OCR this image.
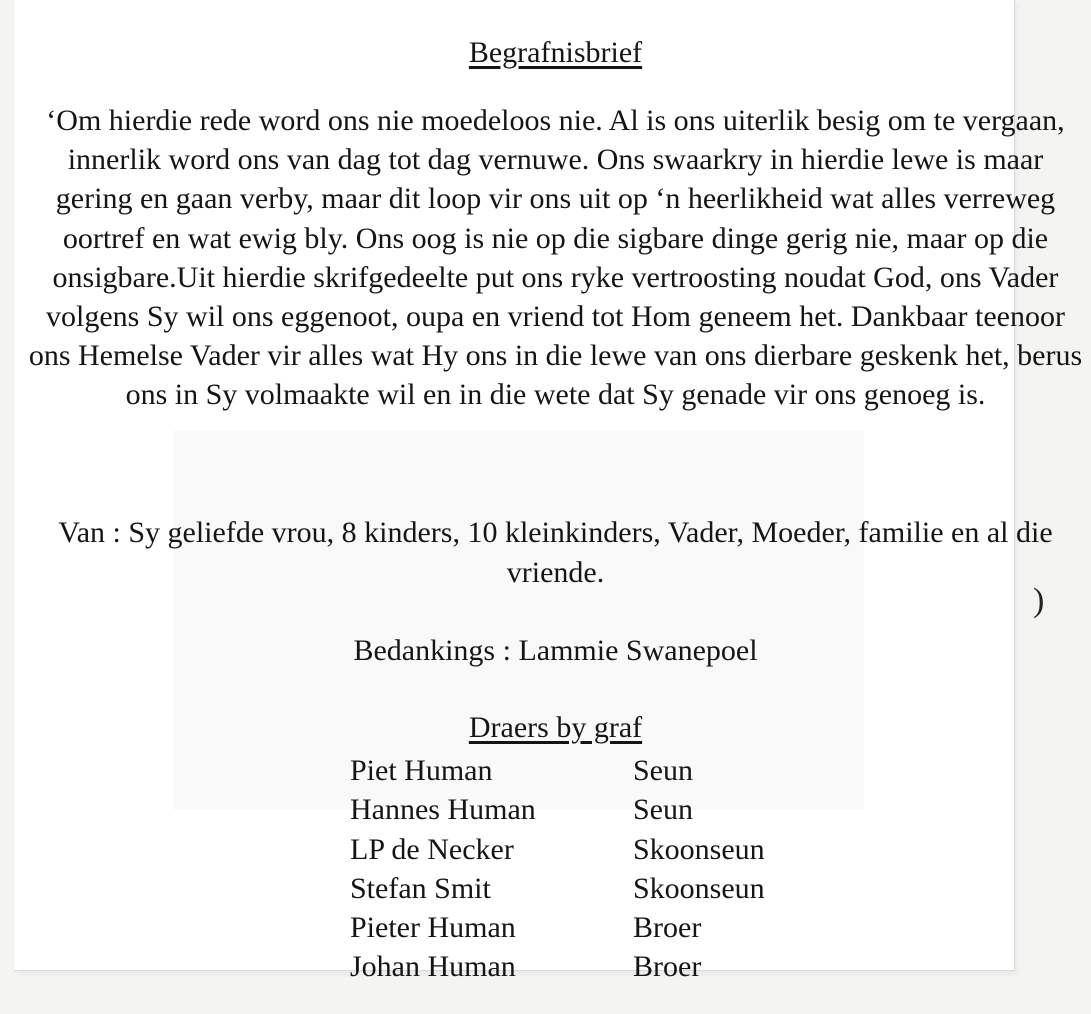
Begrafnisbrief
‘Om hierdie rede word ons nie moedeloos nie. Al is ons uiterlik besig om te vergaan, innerlik word ons van dag tot dag vernuwe. Ons swaarkry in hierdie lewe is maar gering en gaan verby, maar dit loop vir ons uit op ‘n heerlikheid wat alles verreweg oortref en wat ewig bly. Ons oog is nie op die sigbare dinge gerig nie, maar op die onsigbare.Uit hierdie skrifgedeelte put ons ryke vertroosting noudat God, ons Vader volgens Sy wil ons eggenoot, oupa en vriend tot Hom geneem het. Dankbaar teenoor ons Hemelse Vader vir alles wat Hy ons in die lewe van ons dierbare geskenk het, berus ons in Sy volmaakte wil en in die wete dat Sy genade vir ons genoeg is.
Van : Sy geliefde vrou, 8 kinders, 10 kleinkinders, Vader, Moeder, familie en al die vriende.
)
Bedankings : Lammie Swanepoel
Draers by graf
Piet Human	Seun
Hannes Human	Seun
LP de Necker	Skoonseun
Stefan Smit	Skoonseun
Pieter Human	Broer
Johan Human	Broer
